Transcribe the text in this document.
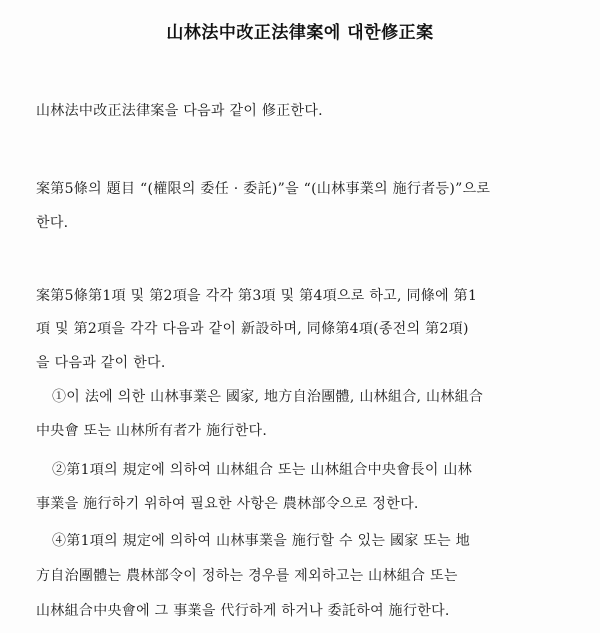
山林法中改正法律案에 대한修正案
山林法中改正法律案을 다음과 같이 修正한다.
案第5條의 題目 “(權限의 委任 · 委託)”을 “(山林事業의 施行者등)”으로
한다.
案第5條第1項 및 第2項을 각각 第3項 및 第4項으로 하고, 同條에 第1
項 및 第2項을 각각 다음과 같이 新設하며, 同條第4項(종전의 第2項)
을 다음과 같이 한다.
①이 法에 의한 山林事業은 國家, 地方自治團體, 山林組合, 山林組合
中央會 또는 山林所有者가 施行한다.
②第1項의 規定에 의하여 山林組合 또는 山林組合中央會長이 山林
事業을 施行하기 위하여 필요한 사항은 農林部令으로 정한다.
④第1項의 規定에 의하여 山林事業을 施行할 수 있는 國家 또는 地
方自治團體는 農林部令이 정하는 경우를 제외하고는 山林組合 또는
山林組合中央會에 그 事業을 代行하게 하거나 委託하여 施行한다.
